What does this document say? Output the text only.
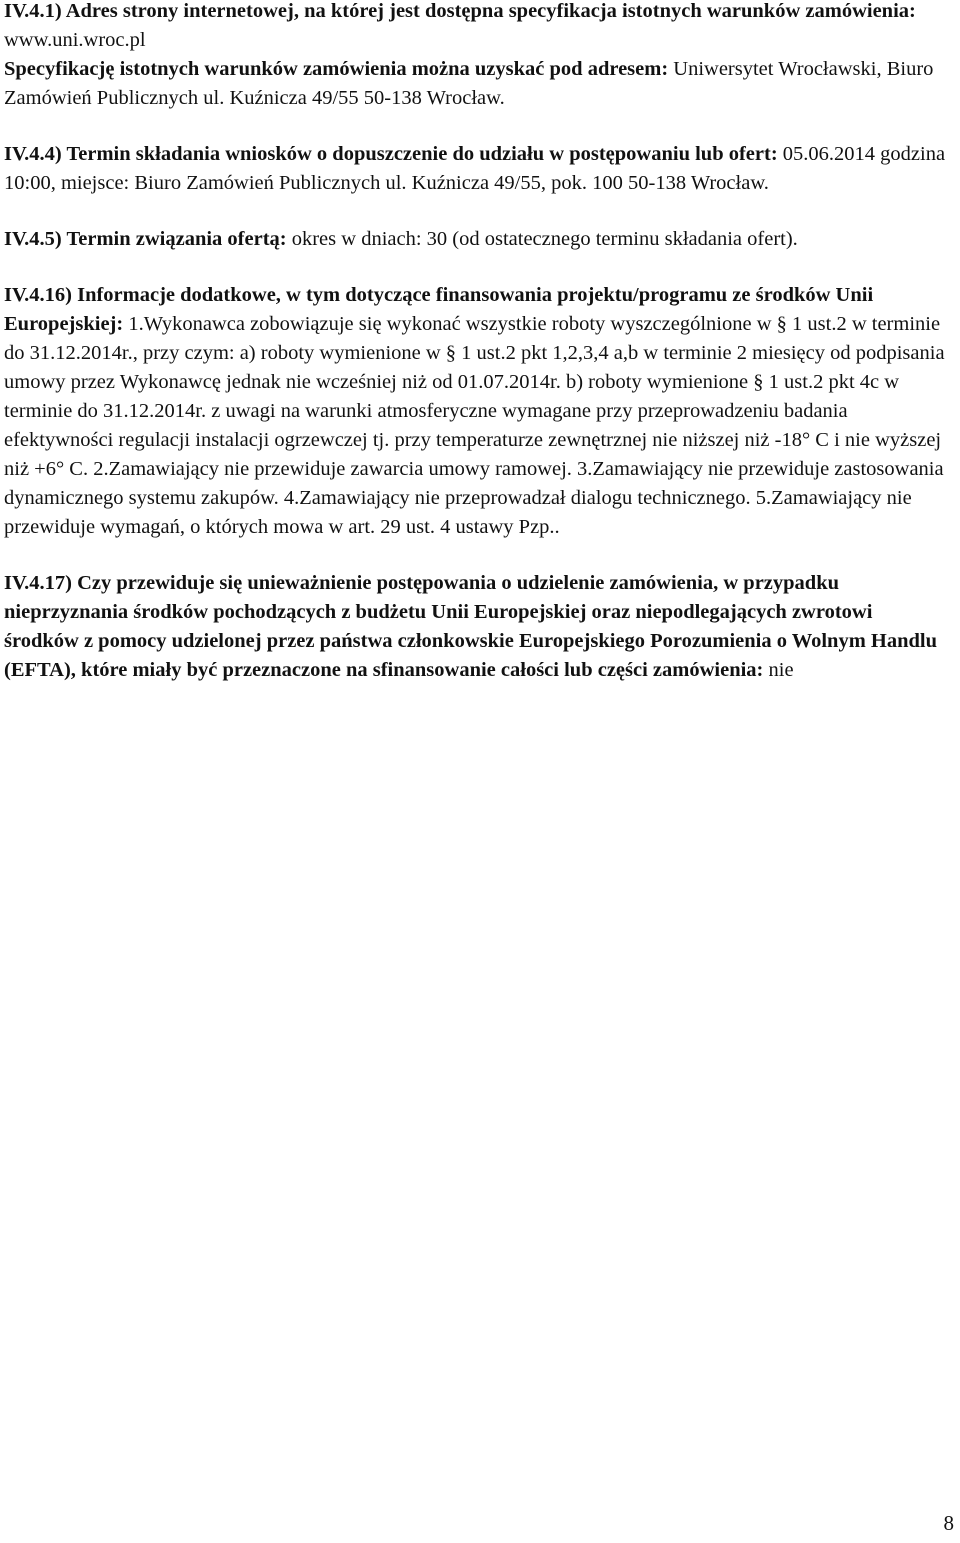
IV.4.1) Adres strony internetowej, na której jest dostępna specyfikacja istotnych warunków zamówienia: www.uni.wroc.pl

Specyfikację istotnych warunków zamówienia można uzyskać pod adresem: Uniwersytet Wrocławski, Biuro Zamówień Publicznych ul. Kuźnicza 49/55 50-138 Wrocław.

IV.4.4) Termin składania wniosków o dopuszczenie do udziału w postępowaniu lub ofert: 05.06.2014 godzina 10:00, miejsce: Biuro Zamówień Publicznych ul. Kuźnicza 49/55, pok. 100 50-138 Wrocław.

IV.4.5) Termin związania ofertą: okres w dniach: 30 (od ostatecznego terminu składania ofert).

IV.4.16) Informacje dodatkowe, w tym dotyczące finansowania projektu/programu ze środków Unii Europejskiej: 1.Wykonawca zobowiązuje się wykonać wszystkie roboty wyszczególnione w § 1 ust.2 w terminie do 31.12.2014r., przy czym: a) roboty wymienione w § 1 ust.2 pkt 1,2,3,4 a,b w terminie 2 miesięcy od podpisania umowy przez Wykonawcę jednak nie wcześniej niż od 01.07.2014r. b) roboty wymienione § 1 ust.2 pkt 4c w terminie do 31.12.2014r. z uwagi na warunki atmosferyczne wymagane przy przeprowadzeniu badania efektywności regulacji instalacji ogrzewczej tj. przy temperaturze zewnętrznej nie niższej niż -18° C i nie wyższej niż +6° C. 2.Zamawiający nie przewiduje zawarcia umowy ramowej. 3.Zamawiający nie przewiduje zastosowania dynamicznego systemu zakupów. 4.Zamawiający nie przeprowadzał dialogu technicznego. 5.Zamawiający nie przewiduje wymagań, o których mowa w art. 29 ust. 4 ustawy Pzp..

IV.4.17) Czy przewiduje się unieważnienie postępowania o udzielenie zamówienia, w przypadku nieprzyznania środków pochodzących z budżetu Unii Europejskiej oraz niepodlegających zwrotowi środków z pomocy udzielonej przez państwa członkowskie Europejskiego Porozumienia o Wolnym Handlu (EFTA), które miały być przeznaczone na sfinansowanie całości lub części zamówienia: nie

8
